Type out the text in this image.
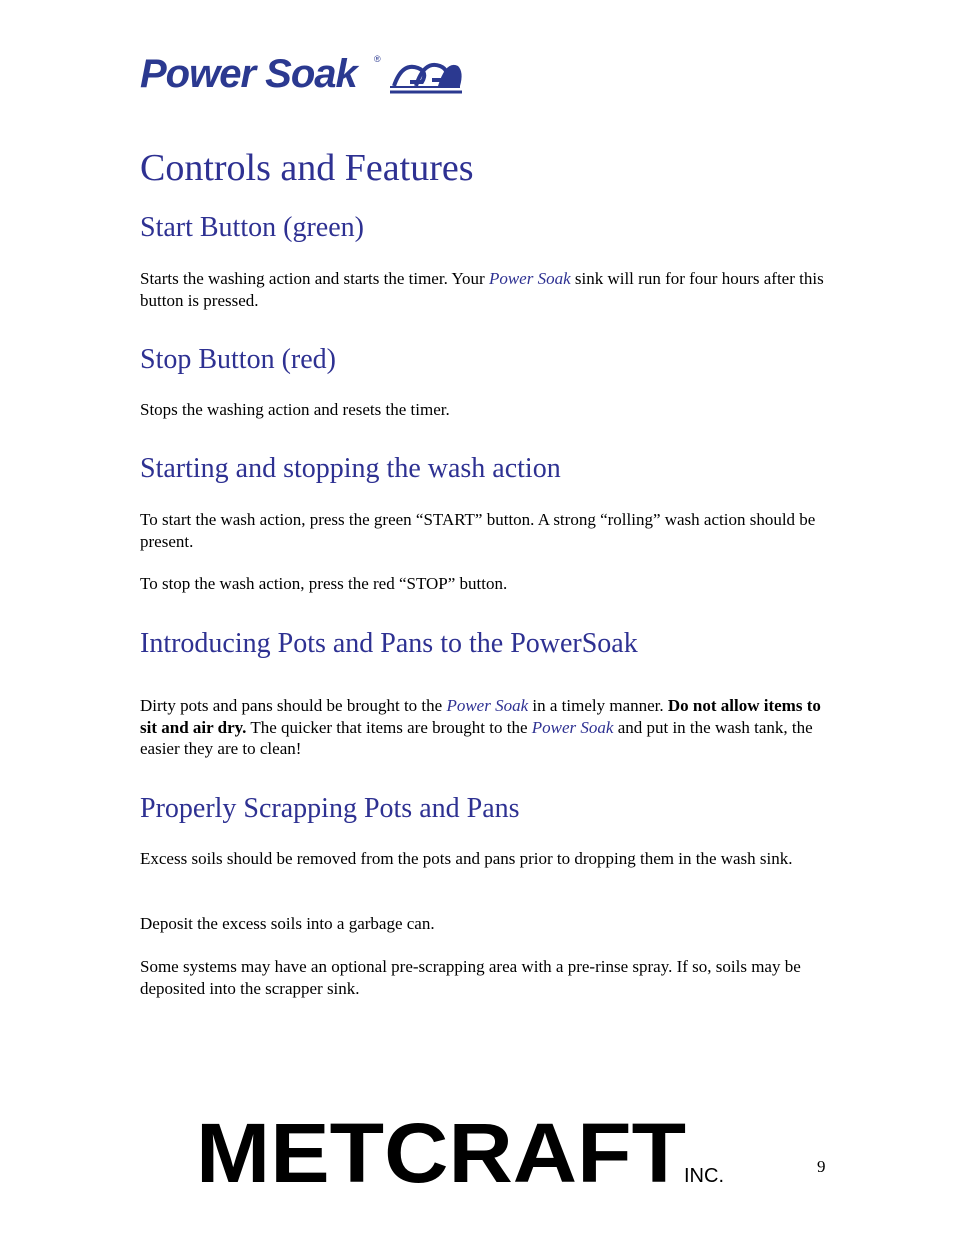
Power Soak ®
Controls and Features
Start Button (green)

Starts the washing action and starts the timer. Your Power Soak sink will run for four hours after this button is pressed.

Stop Button (red)

Stops the washing action and resets the timer.

Starting and stopping the wash action

To start the wash action, press the green “START” button. A strong “rolling” wash action should be present.

To stop the wash action, press the red “STOP” button.

Introducing Pots and Pans to the PowerSoak

Dirty pots and pans should be brought to the Power Soak in a timely manner. Do not allow items to sit and air dry. The quicker that items are brought to the Power Soak and put in the wash tank, the easier they are to clean!

Properly Scrapping Pots and Pans

Excess soils should be removed from the pots and pans prior to dropping them in the wash sink.

Deposit the excess soils into a garbage can.

Some systems may have an optional pre-scrapping area with a pre-rinse spray. If so, soils may be deposited into the scrapper sink.

METCRAFT
INC.	9
